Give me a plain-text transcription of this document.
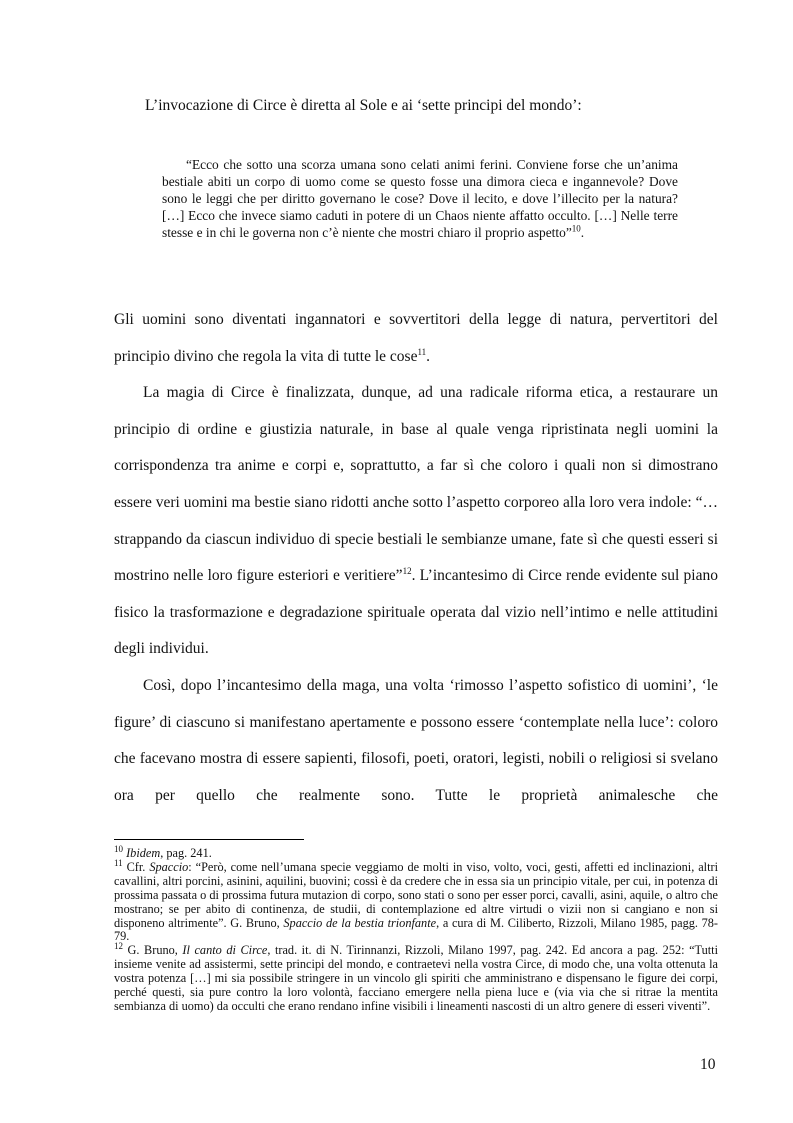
L’invocazione di Circe è diretta al Sole e ai ‘sette principi del mondo’:

“Ecco che sotto una scorza umana sono celati animi ferini. Conviene forse che un’anima bestiale abiti un corpo di uomo come se questo fosse una dimora cieca e ingannevole? Dove sono le leggi che per diritto governano le cose? Dove il lecito, e dove l’illecito per la natura? […] Ecco che invece siamo caduti in potere di un Chaos niente affatto occulto. […] Nelle terre stesse e in chi le governa non c’è niente che mostri chiaro il proprio aspetto”$^{10}$.

Gli uomini sono diventati ingannatori e sovvertitori della legge di natura, pervertitori del principio divino che regola la vita di tutte le cose$^{11}$.

La magia di Circe è finalizzata, dunque, ad una radicale riforma etica, a restaurare un principio di ordine e giustizia naturale, in base al quale venga ripristinata negli uomini la corrispondenza tra anime e corpi e, soprattutto, a far sì che coloro i quali non si dimostrano essere veri uomini ma bestie siano ridotti anche sotto l’aspetto corporeo alla loro vera indole: “…strappando da ciascun individuo di specie bestiali le sembianze umane, fate sì che questi esseri si mostrino nelle loro figure esteriori e veritiere”$^{12}$. L’incantesimo di Circe rende evidente sul piano fisico la trasformazione e degradazione spirituale operata dal vizio nell’intimo e nelle attitudini degli individui.

Così, dopo l’incantesimo della maga, una volta ‘rimosso l’aspetto sofistico di uomini’, ‘le figure’ di ciascuno si manifestano apertamente e possono essere ‘contemplate nella luce’: coloro che facevano mostra di essere sapienti, filosofi, poeti, oratori, legisti, nobili o religiosi si svelano ora per quello che realmente sono. Tutte le proprietà animalesche che

$^{10}$ Ibidem, pag. 241.

$^{11}$ Cfr. Spaccio: “Però, come nell’umana specie veggiamo de molti in viso, volto, voci, gesti, affetti ed inclinazioni, altri cavallini, altri porcini, asinini, aquilini, buovini; cossì è da credere che in essa sia un principio vitale, per cui, in potenza di prossima passata o di prossima futura mutazion di corpo, sono stati o sono per esser porci, cavalli, asini, aquile, o altro che mostrano; se per abito di continenza, de studii, di contemplazione ed altre virtudi o vizii non si cangiano e non si disponeno altrimente”. G. Bruno, Spaccio de la bestia trionfante, a cura di M. Ciliberto, Rizzoli, Milano 1985, pagg. 78-79.

$^{12}$ G. Bruno, Il canto di Circe, trad. it. di N. Tirinnanzi, Rizzoli, Milano 1997, pag. 242. Ed ancora a pag. 252: “Tutti insieme venite ad assistermi, sette principi del mondo, e contraetevi nella vostra Circe, di modo che, una volta ottenuta la vostra potenza […] mi sia possibile stringere in un vincolo gli spiriti che amministrano e dispensano le figure dei corpi, perché questi, sia pure contro la loro volontà, facciano emergere nella piena luce e (via via che si ritrae la mentita sembianza di uomo) da occulti che erano rendano infine visibili i lineamenti nascosti di un altro genere di esseri viventi”.

10
